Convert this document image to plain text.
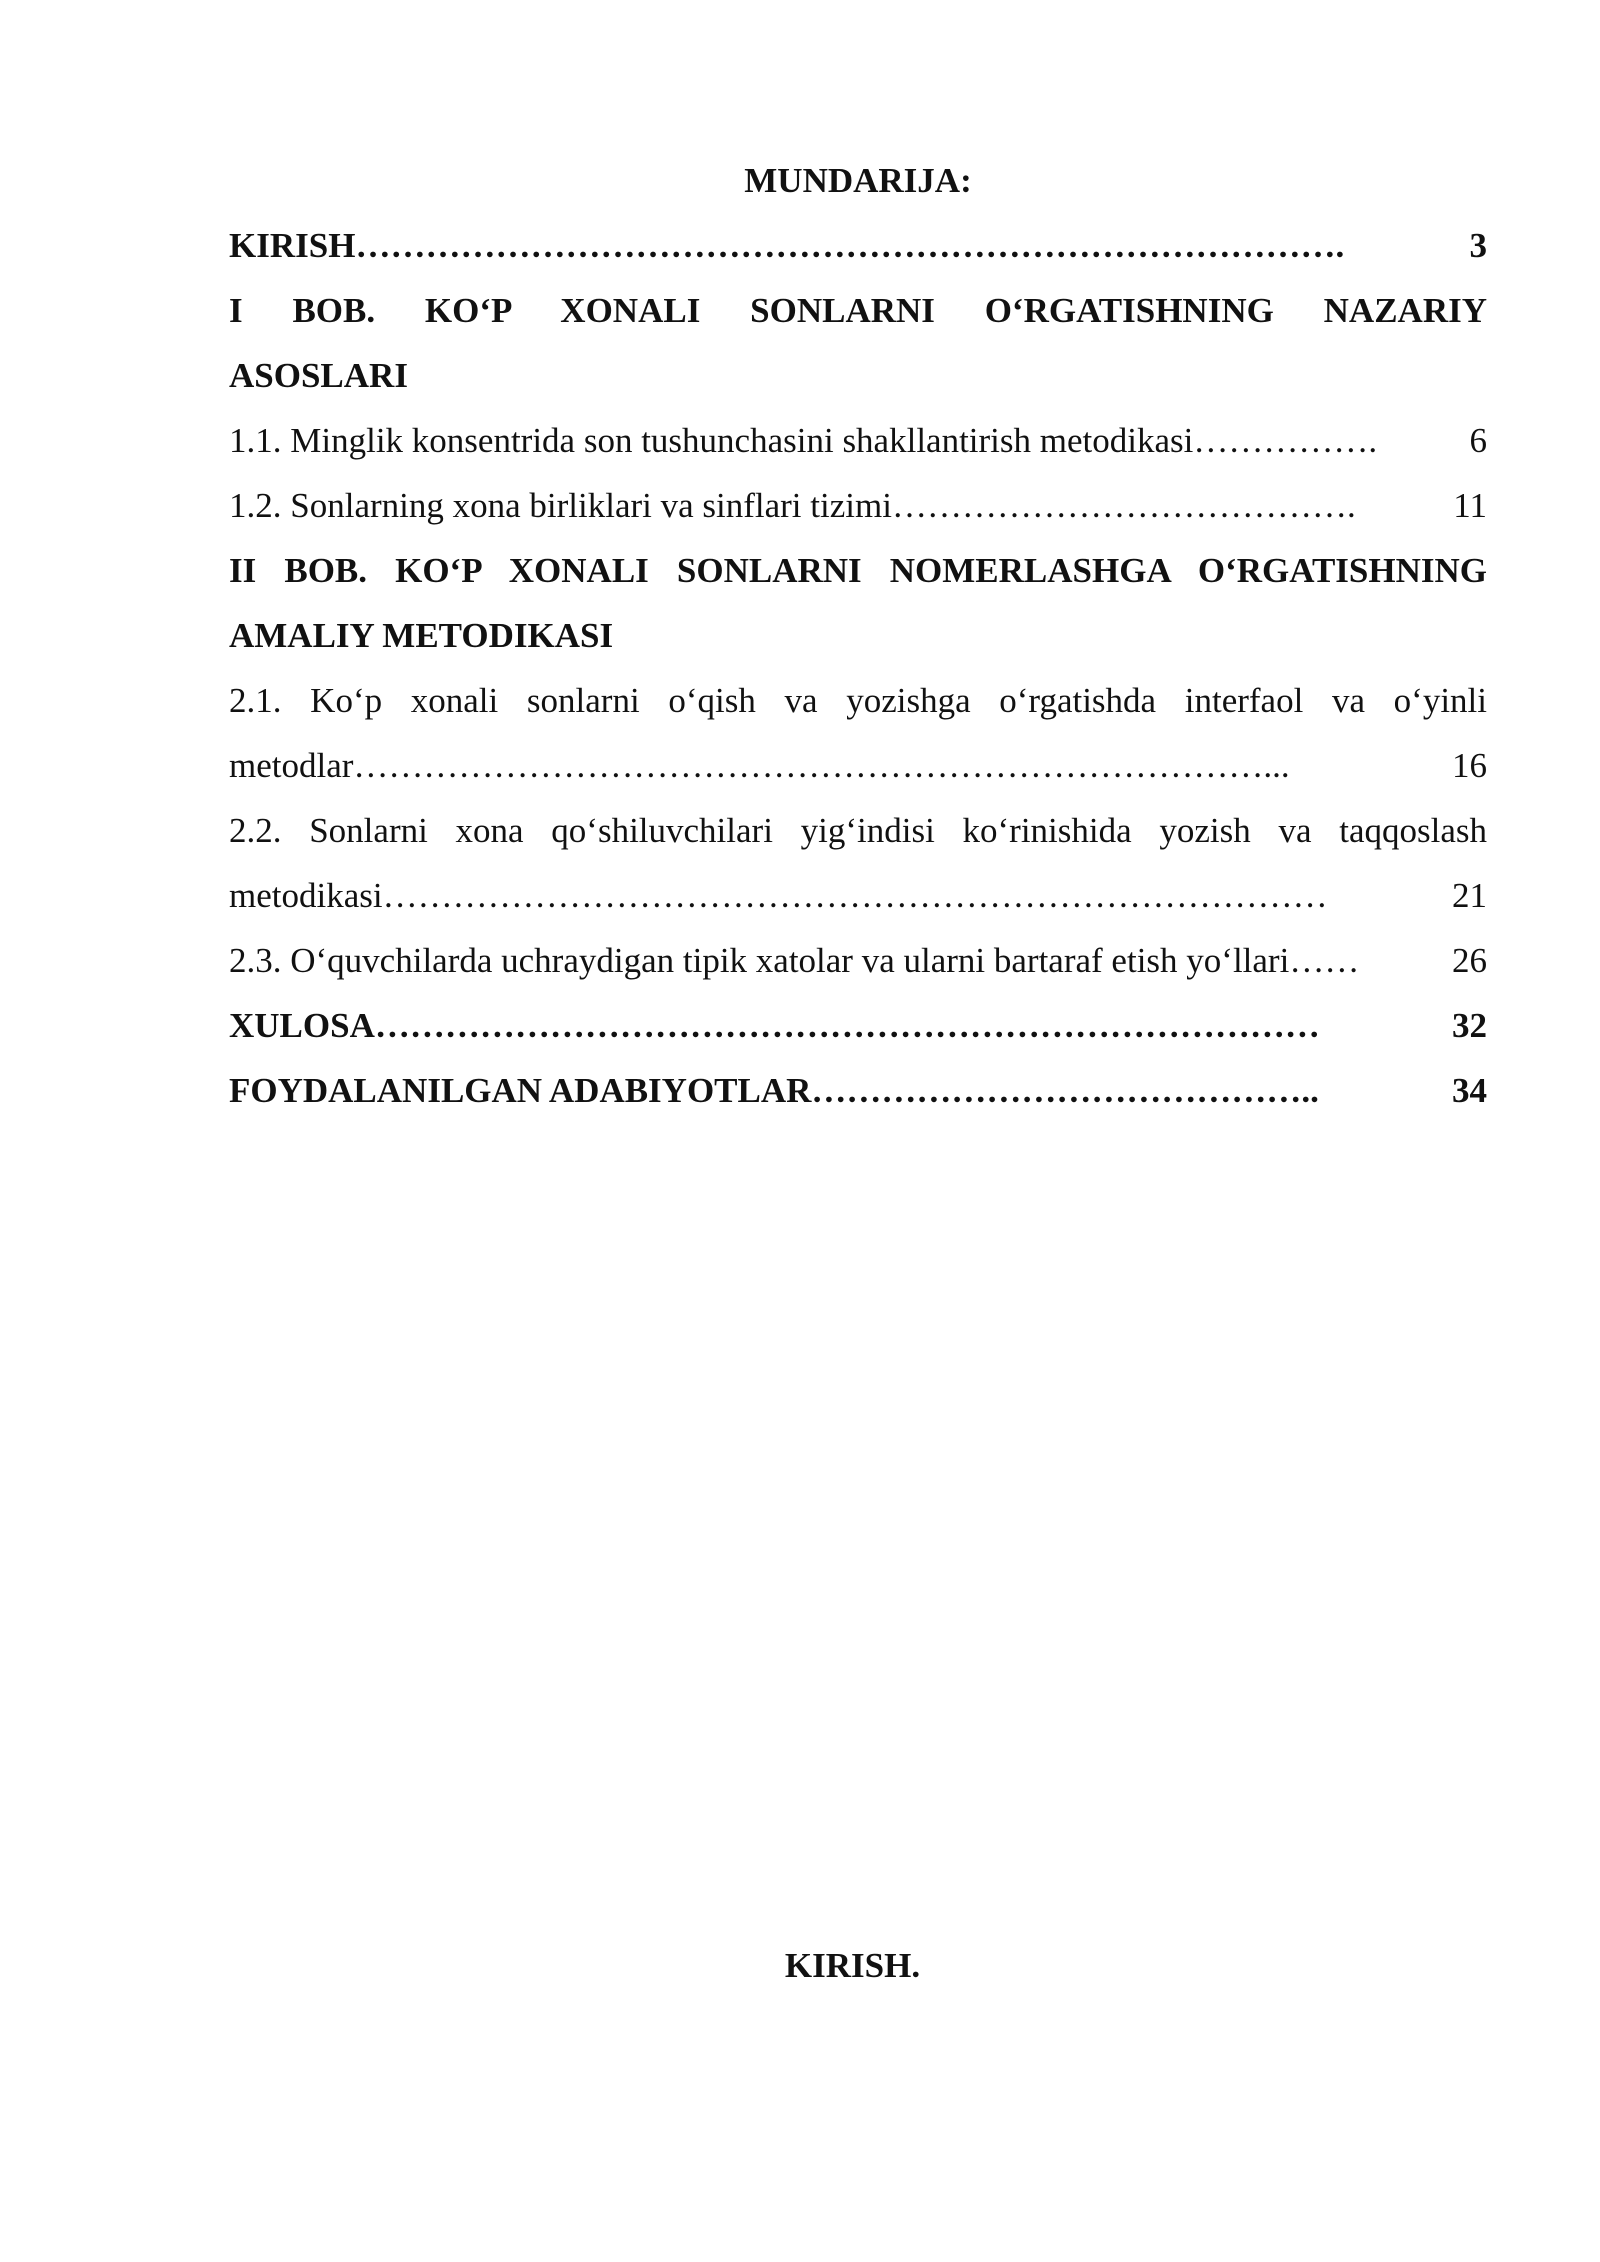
MUNDARIJA:
KIRISH ………………………………………………………………………….	3
I BOB. KO‘P XONALI SONLARNI O‘RGATISHNING NAZARIY
ASOSLARI
1.1. Minglik konsentrida son tushunchasini shakllantirish metodikasi …………….	6
1.2. Sonlarning xona birliklari va sinflari tizimi ………………………………….	11
II BOB. KO‘P XONALI SONLARNI NOMERLASHGA O‘RGATISHNING
AMALIY METODIKASI
2.1. Ko‘p xonali sonlarni o‘qish va yozishga o‘rgatishda interfaol va o‘yinli
metodlar ……………………………………………………………………...	16
2.2. Sonlarni xona qo‘shiluvchilari yig‘indisi ko‘rinishida yozish va taqqoslash
metodikasi ………………………………………………………………………	21
2.3. O‘quvchilarda uchraydigan tipik xatolar va ularni bartaraf etish yo‘llari ……	26
XULOSA ………………………………………………………………………	32
FOYDALANILGAN ADABIYOTLAR ……………………………………..	34
KIRISH.
